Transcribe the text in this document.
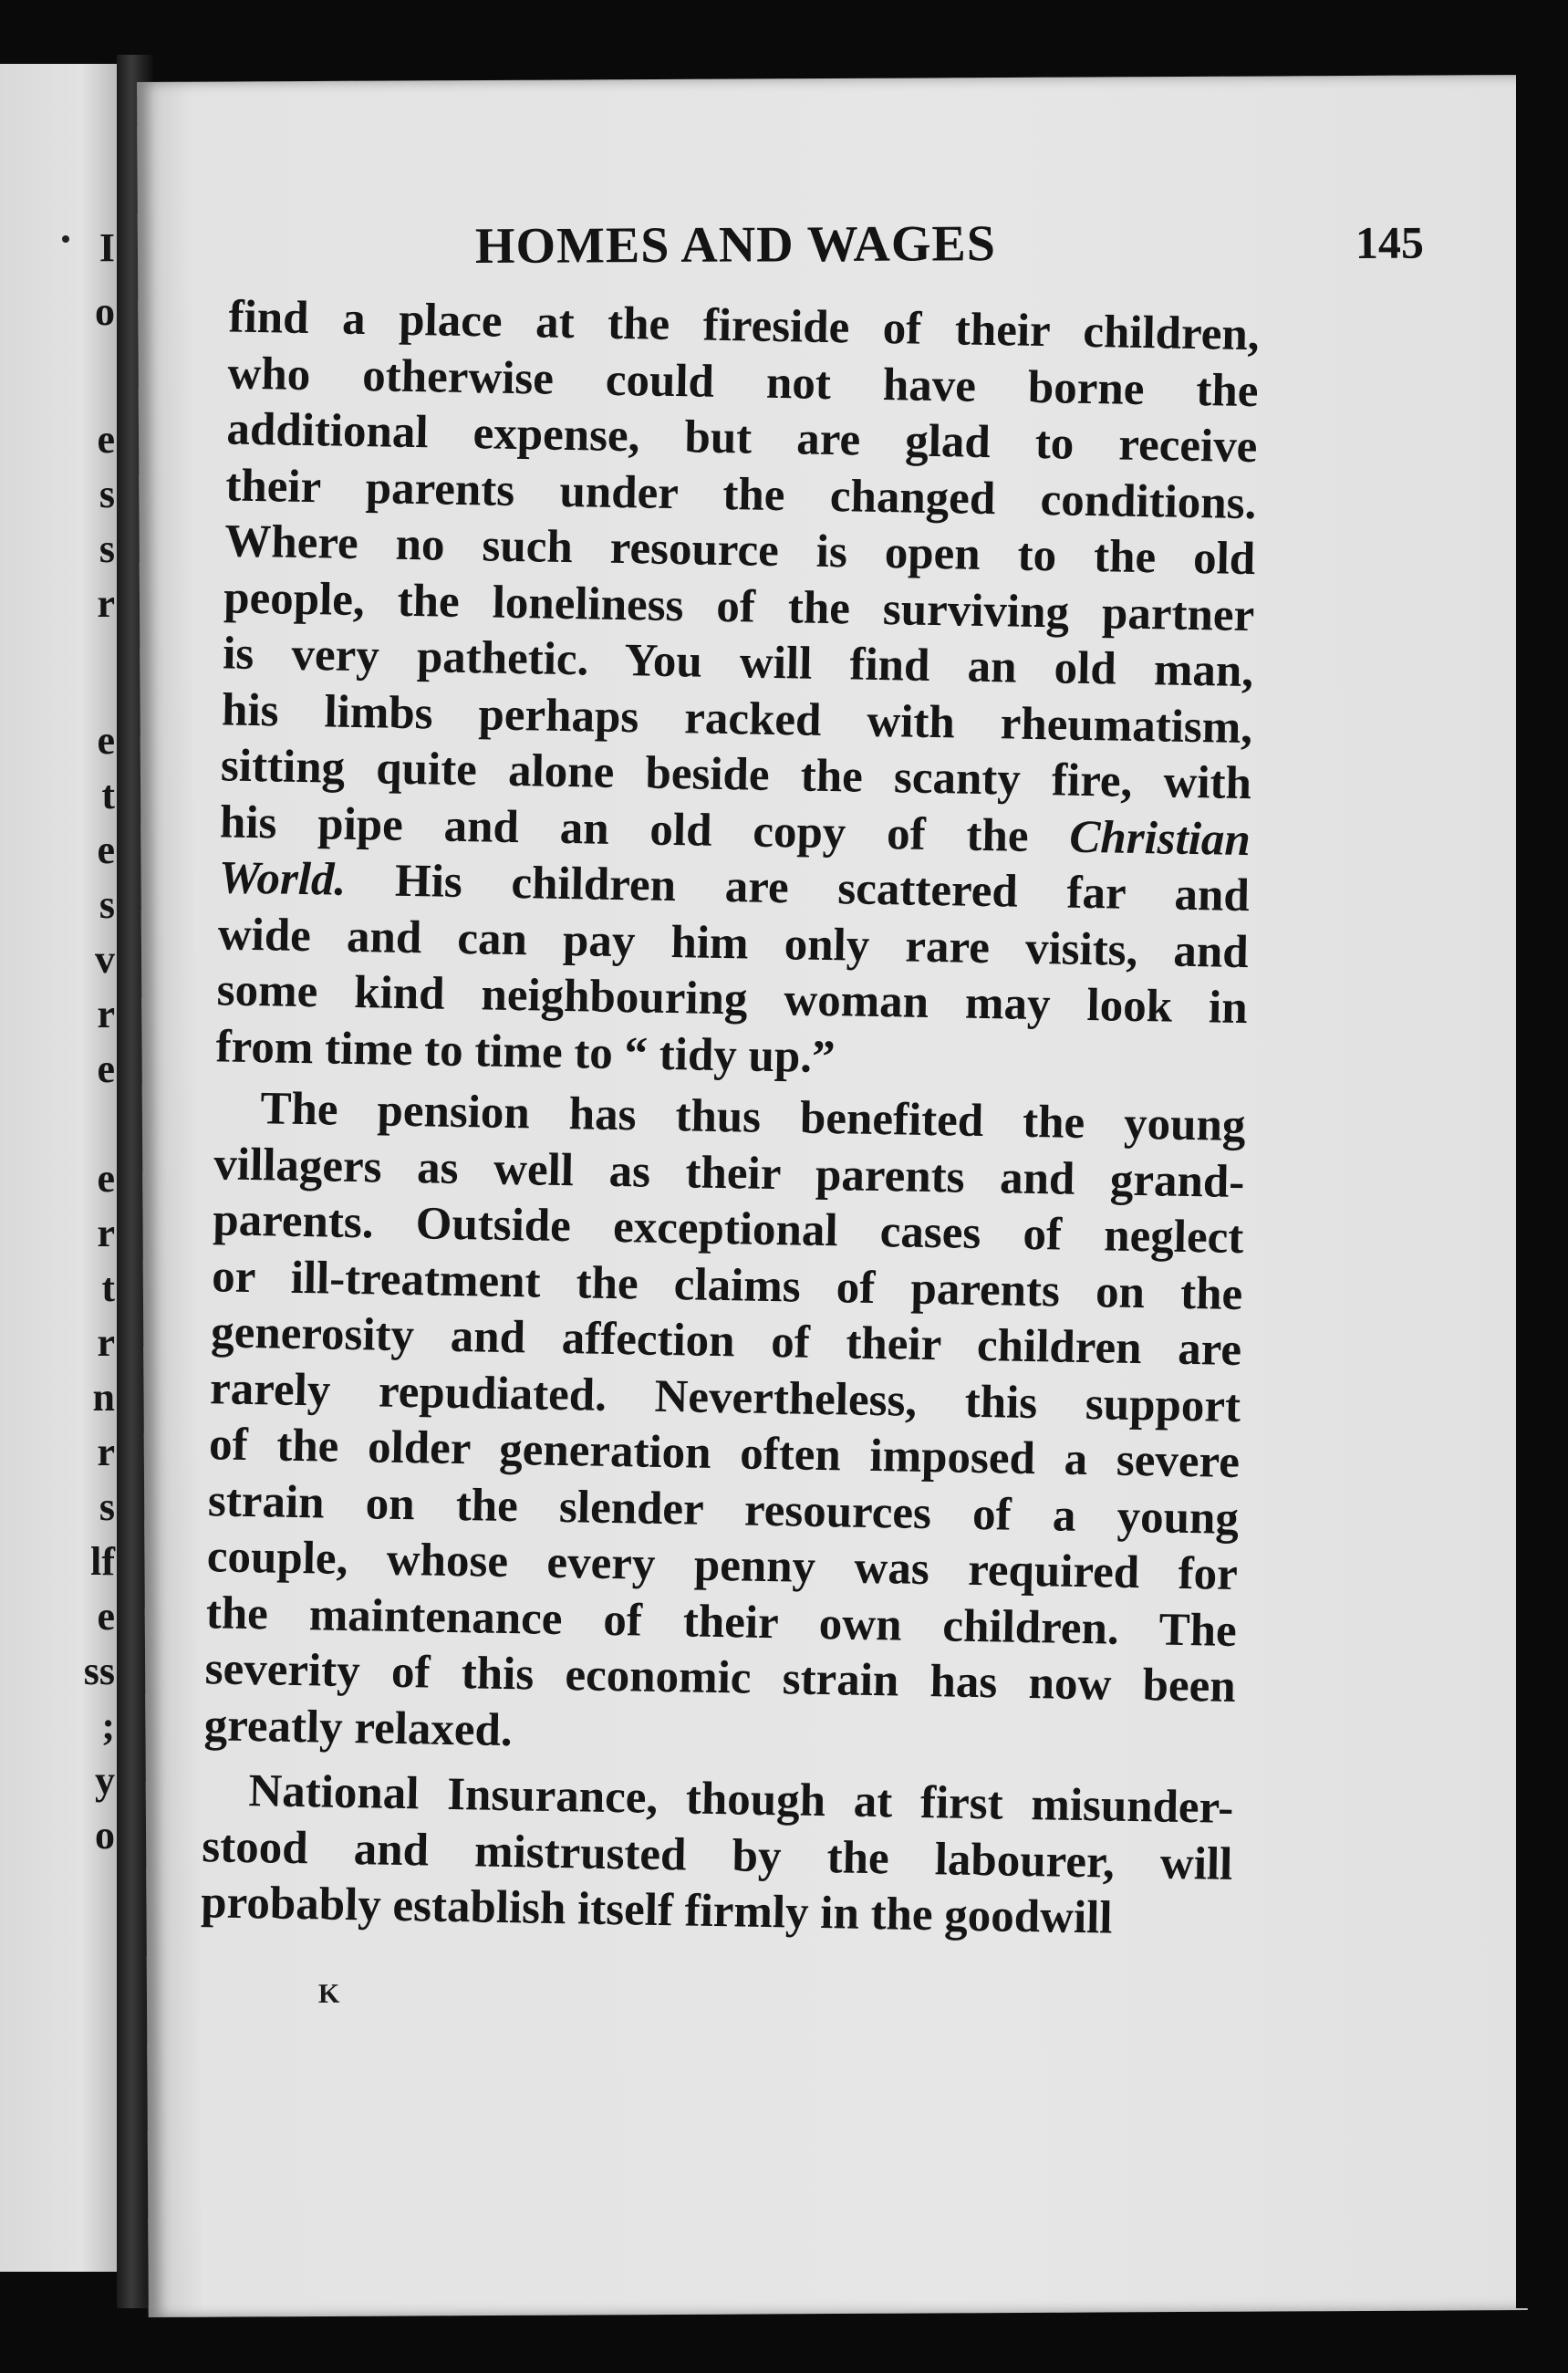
I
o
e
s
s
r
e
t
e
s
v
r
e
e
r
t
r
n
r
s
lf
e
ss
;
y
o
HOMES AND WAGES	145
find a place at the fireside of their children,
who otherwise could not have borne the
additional expense, but are glad to receive
their parents under the changed conditions.
Where no such resource is open to the old
people, the loneliness of the surviving partner
is very pathetic. You will find an old man,
his limbs perhaps racked with rheumatism,
sitting quite alone beside the scanty fire, with
his pipe and an old copy of the Christian
World. His children are scattered far and
wide and can pay him only rare visits, and
some kind neighbouring woman may look in
from time to time to “ tidy up.”
The pension has thus benefited the young
villagers as well as their parents and grand-
parents. Outside exceptional cases of neglect
or ill-treatment the claims of parents on the
generosity and affection of their children are
rarely repudiated. Nevertheless, this support
of the older generation often imposed a severe
strain on the slender resources of a young
couple, whose every penny was required for
the maintenance of their own children. The
severity of this economic strain has now been
greatly relaxed.
National Insurance, though at first misunder-
stood and mistrusted by the labourer, will
probably establish itself firmly in the goodwill
K
